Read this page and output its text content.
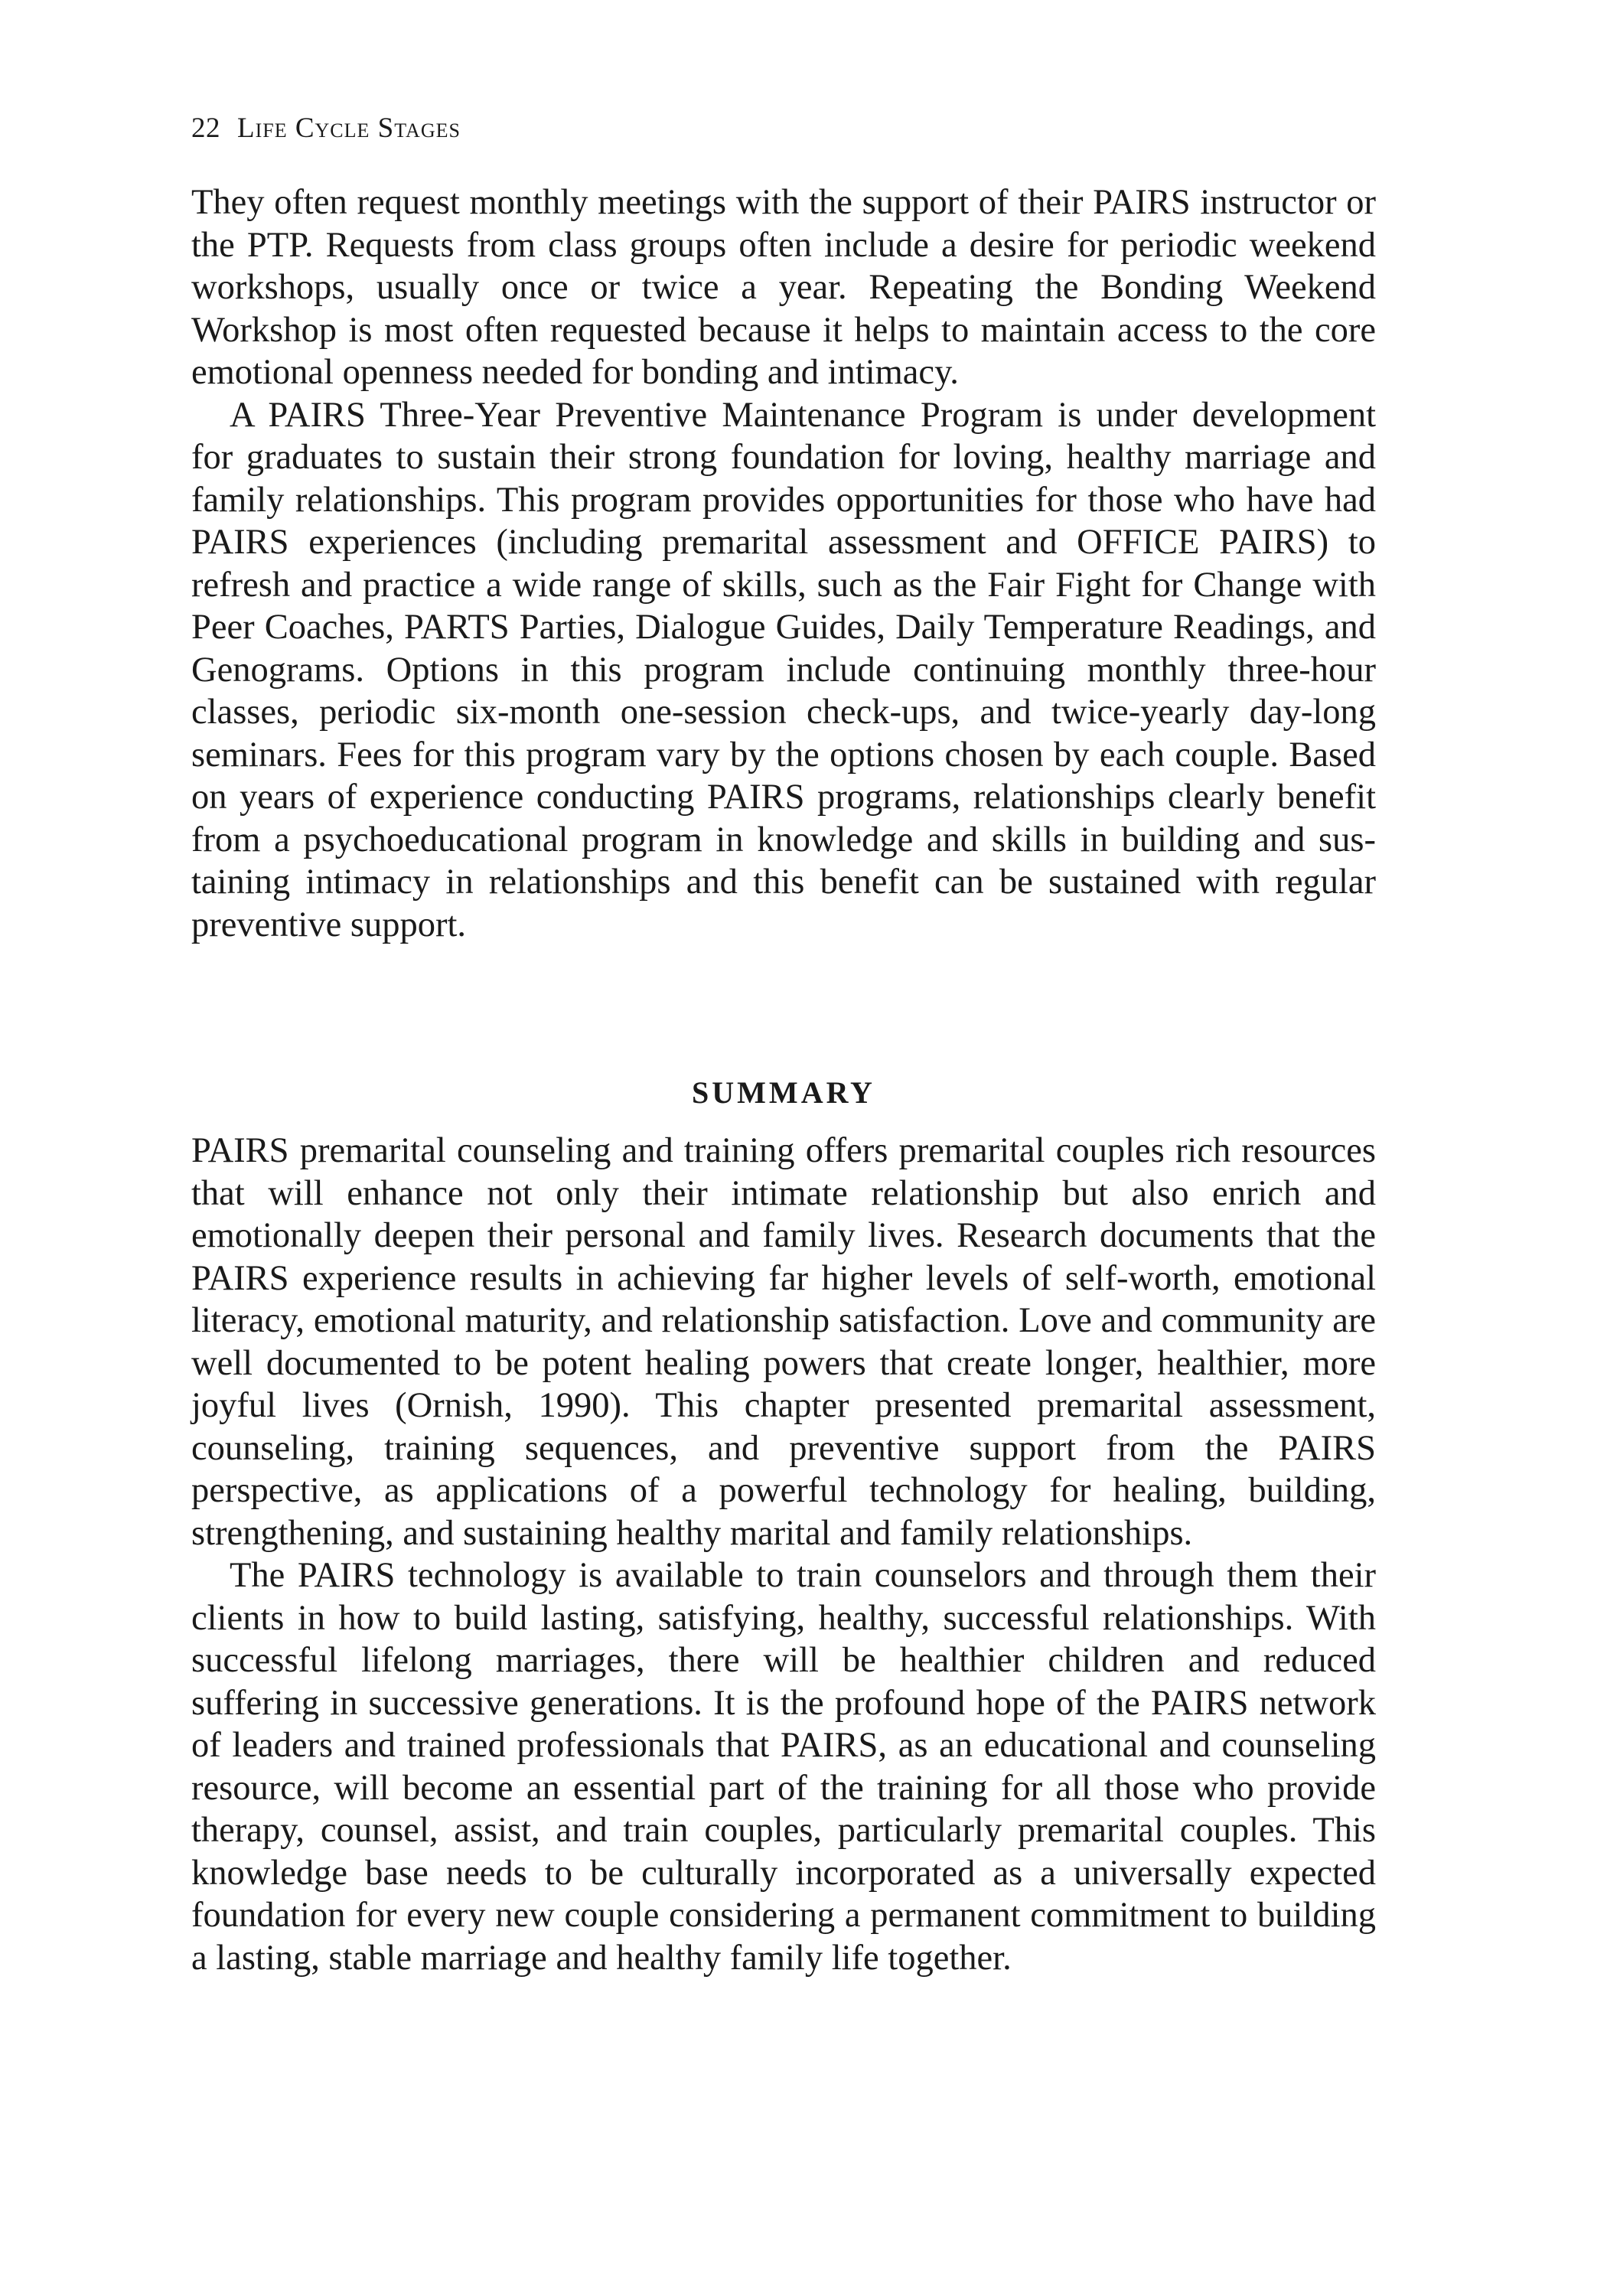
22 Life Cycle Stages

They often request monthly meetings with the support of their PAIRS instructor or the PTP. Requests from class groups often include a desire for periodic weekend workshops, usually once or twice a year. Repeating the Bonding Weekend Workshop is most often requested because it helps to maintain access to the core emotional openness needed for bonding and intimacy.

A PAIRS Three-Year Preventive Maintenance Program is under development for graduates to sustain their strong foundation for loving, healthy marriage and family relationships. This program provides opportunities for those who have had PAIRS experiences (including premarital assessment and OFFICE PAIRS) to refresh and practice a wide range of skills, such as the Fair Fight for Change with Peer Coaches, PARTS Parties, Dialogue Guides, Daily Temperature Readings, and Genograms. Options in this program include continuing monthly three-hour classes, periodic six-month one-session check-ups, and twice-yearly day-long seminars. Fees for this program vary by the options chosen by each couple. Based on years of experience conducting PAIRS programs, relationships clearly benefit from a psychoeducational program in knowledge and skills in building and sustaining intimacy in relationships and this benefit can be sustained with regular preventive support.

SUMMARY

PAIRS premarital counseling and training offers premarital couples rich resources that will enhance not only their intimate relationship but also enrich and emotionally deepen their personal and family lives. Research documents that the PAIRS experience results in achieving far higher levels of self-worth, emotional literacy, emotional maturity, and relationship satisfaction. Love and community are well documented to be potent healing powers that create longer, healthier, more joyful lives (Ornish, 1990). This chapter presented premarital assessment, counseling, training sequences, and preventive support from the PAIRS perspective, as applications of a powerful technology for healing, building, strengthening, and sustaining healthy marital and family relationships.

The PAIRS technology is available to train counselors and through them their clients in how to build lasting, satisfying, healthy, successful relationships. With successful lifelong marriages, there will be healthier children and reduced suffering in successive generations. It is the profound hope of the PAIRS network of leaders and trained professionals that PAIRS, as an educational and counseling resource, will become an essential part of the training for all those who provide therapy, counsel, assist, and train couples, particularly premarital couples. This knowledge base needs to be culturally incorporated as a universally expected foundation for every new couple considering a permanent commitment to building a lasting, stable marriage and healthy family life together.
